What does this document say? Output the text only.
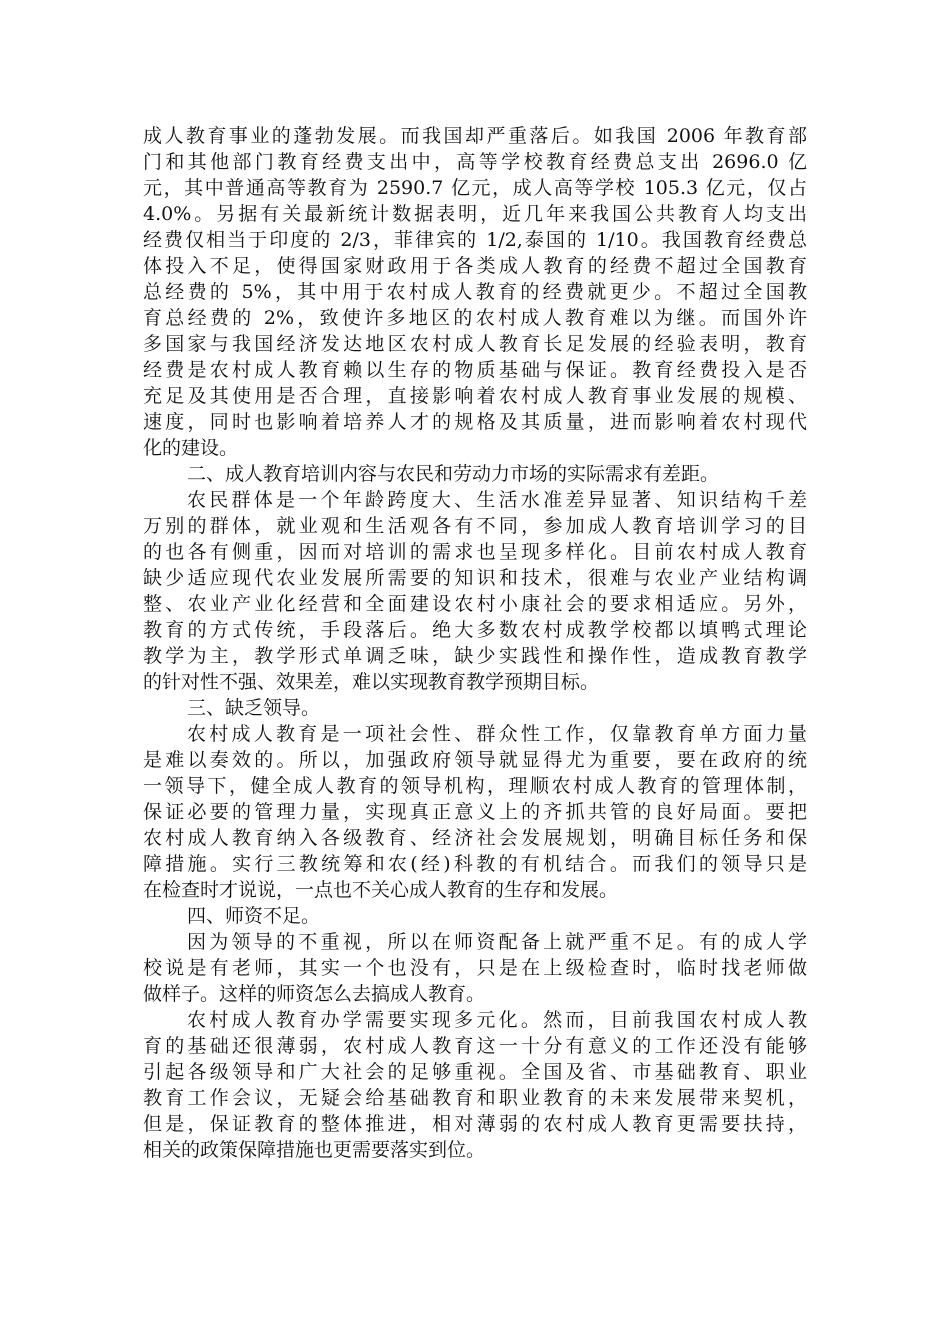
成人教育事业的蓬勃发展。而我国却严重落后。如我国 2006 年教育部
门和其他部门教育经费支出中，高等学校教育经费总支出 2696.0 亿
元，其中普通高等教育为 2590.7 亿元，成人高等学校 105.3 亿元，仅占
4.0%。另据有关最新统计数据表明，近几年来我国公共教育人均支出
经费仅相当于印度的 2/3，菲律宾的 1/2,泰国的 1/10。我国教育经费总
体投入不足，使得国家财政用于各类成人教育的经费不超过全国教育
总经费的 5%，其中用于农村成人教育的经费就更少。不超过全国教
育总经费的 2%，致使许多地区的农村成人教育难以为继。而国外许
多国家与我国经济发达地区农村成人教育长足发展的经验表明，教育
经费是农村成人教育赖以生存的物质基础与保证。教育经费投入是否
充足及其使用是否合理，直接影响着农村成人教育事业发展的规模、
速度，同时也影响着培养人才的规格及其质量，进而影响着农村现代
化的建设。
二、成人教育培训内容与农民和劳动力市场的实际需求有差距。
农民群体是一个年龄跨度大、生活水准差异显著、知识结构千差
万别的群体，就业观和生活观各有不同，参加成人教育培训学习的目
的也各有侧重，因而对培训的需求也呈现多样化。目前农村成人教育
缺少适应现代农业发展所需要的知识和技术，很难与农业产业结构调
整、农业产业化经营和全面建设农村小康社会的要求相适应。另外，
教育的方式传统，手段落后。绝大多数农村成教学校都以填鸭式理论
教学为主，教学形式单调乏味，缺少实践性和操作性，造成教育教学
的针对性不强、效果差，难以实现教育教学预期目标。
三、缺乏领导。
农村成人教育是一项社会性、群众性工作，仅靠教育单方面力量
是难以奏效的。所以，加强政府领导就显得尤为重要，要在政府的统
一领导下，健全成人教育的领导机构，理顺农村成人教育的管理体制，
保证必要的管理力量，实现真正意义上的齐抓共管的良好局面。要把
农村成人教育纳入各级教育、经济社会发展规划，明确目标任务和保
障措施。实行三教统筹和农(经)科教的有机结合。而我们的领导只是
在检查时才说说，一点也不关心成人教育的生存和发展。
四、师资不足。
因为领导的不重视，所以在师资配备上就严重不足。有的成人学
校说是有老师，其实一个也没有，只是在上级检查时，临时找老师做
做样子。这样的师资怎么去搞成人教育。
农村成人教育办学需要实现多元化。然而，目前我国农村成人教
育的基础还很薄弱，农村成人教育这一十分有意义的工作还没有能够
引起各级领导和广大社会的足够重视。全国及省、市基础教育、职业
教育工作会议，无疑会给基础教育和职业教育的未来发展带来契机，
但是，保证教育的整体推进，相对薄弱的农村成人教育更需要扶持，
相关的政策保障措施也更需要落实到位。
